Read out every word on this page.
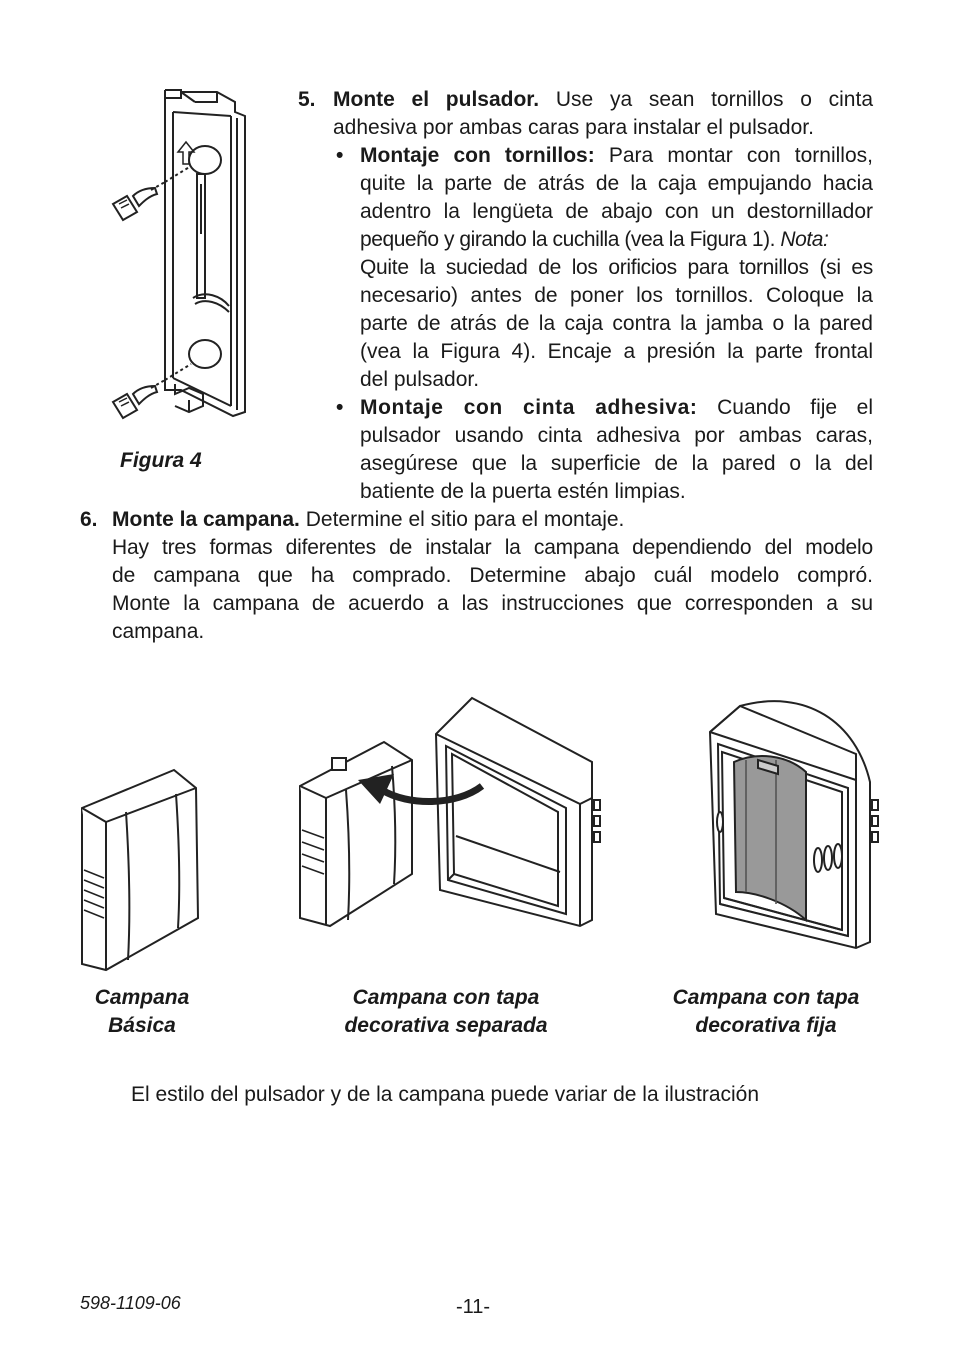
Figura 4
5. Monte el pulsador. Use ya sean tornillos o cinta
adhesiva por ambas caras para instalar el pulsador.
• Montaje con tornillos: Para montar con tornillos,
quite la parte de atrás de la caja empujando hacia
adentro la lengüeta de abajo con un destornillador
pequeño y girando la cuchilla (vea la Figura 1). Nota:
Quite la suciedad de los orificios para tornillos (si es
necesario) antes de poner los tornillos. Coloque la
parte de atrás de la caja contra la jamba o la pared
(vea la Figura 4). Encaje a presión la parte frontal
del pulsador.
• Montaje con cinta adhesiva: Cuando fije el
pulsador usando cinta adhesiva por ambas caras,
asegúrese que la superficie de la pared o la del
batiente de la puerta estén limpias.
6. Monte la campana. Determine el sitio para el montaje.
Hay tres formas diferentes de instalar la campana dependiendo del modelo
de campana que ha comprado. Determine abajo cuál modelo compró.
Monte la campana de acuerdo a las instrucciones que corresponden a su
campana.
Campana
Básica
Campana con tapa
decorativa separada
Campana con tapa
decorativa fija
El estilo del pulsador y de la campana puede variar de la ilustración
598-1109-06	-11-
